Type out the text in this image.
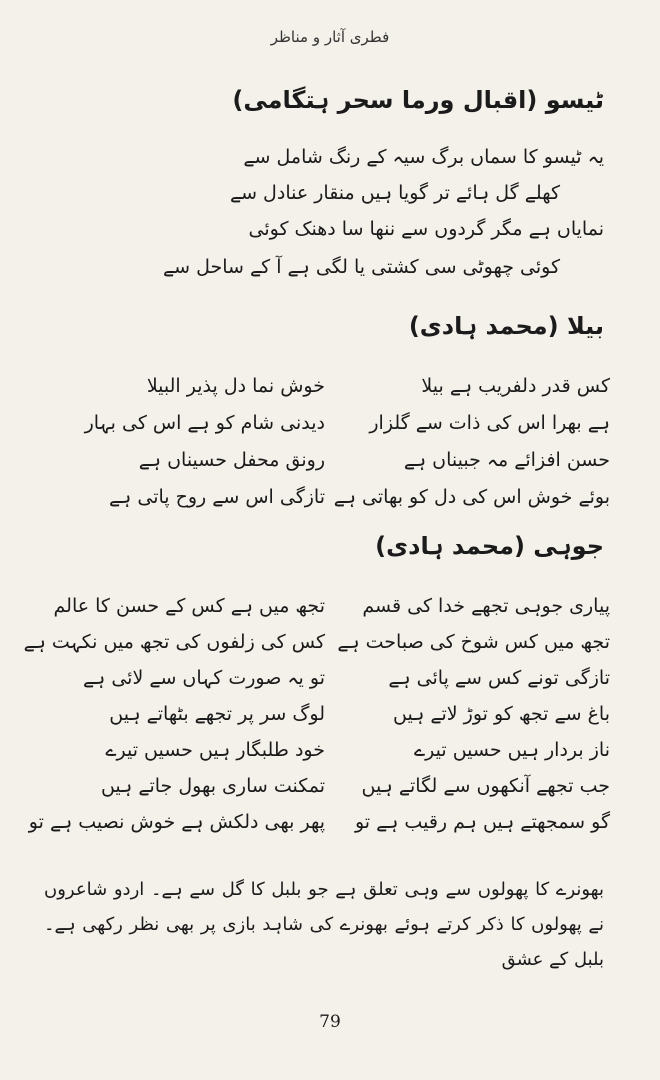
فطری آثار و مناظر
ٹیسو (اقبال ورما سحر ہتگامی)
یہ ٹیسو کا سماں برگ سیہ کے رنگ شامل سے
کھلے گل ہائے تر گویا ہیں منقار عنادل سے
نمایاں ہے مگر گردوں سے ننھا سا دھنک کوئی
کوئی چھوٹی سی کشتی یا لگی ہے آ کے ساحل سے
بیلا (محمد ہادی)
کس قدر دلفریب ہے بیلا
ہے بھرا اس کی ذات سے گلزار
حسن افزائے مہ جبیناں ہے
بوئے خوش اس کی دل کو بھاتی ہے
خوش نما دل پذیر البیلا
دیدنی شام کو ہے اس کی بہار
رونق محفل حسیناں ہے
تازگی اس سے روح پاتی ہے
جوہی (محمد ہادی)
پیاری جوہی تجھے خدا کی قسم
تجھ میں کس شوخ کی صباحت ہے
تازگی تونے کس سے پائی ہے
باغ سے تجھ کو توڑ لاتے ہیں
ناز بردار ہیں حسیں تیرے
جب تجھے آنکھوں سے لگاتے ہیں
گو سمجھتے ہیں ہم رقیب ہے تو
تجھ میں ہے کس کے حسن کا عالم
کس کی زلفوں کی تجھ میں نکہت ہے
تو یہ صورت کہاں سے لائی ہے
لوگ سر پر تجھے بٹھاتے ہیں
خود طلبگار ہیں حسیں تیرے
تمکنت ساری بھول جاتے ہیں
پھر بھی دلکش ہے خوش نصیب ہے تو
بھونرے کا پھولوں سے وہی تعلق ہے جو بلبل کا گل سے ہے۔ اردو شاعروں نے پھولوں کا ذکر کرتے ہوئے بھونرے کی شاہد بازی پر بھی نظر رکھی ہے۔ بلبل کے عشق
79
